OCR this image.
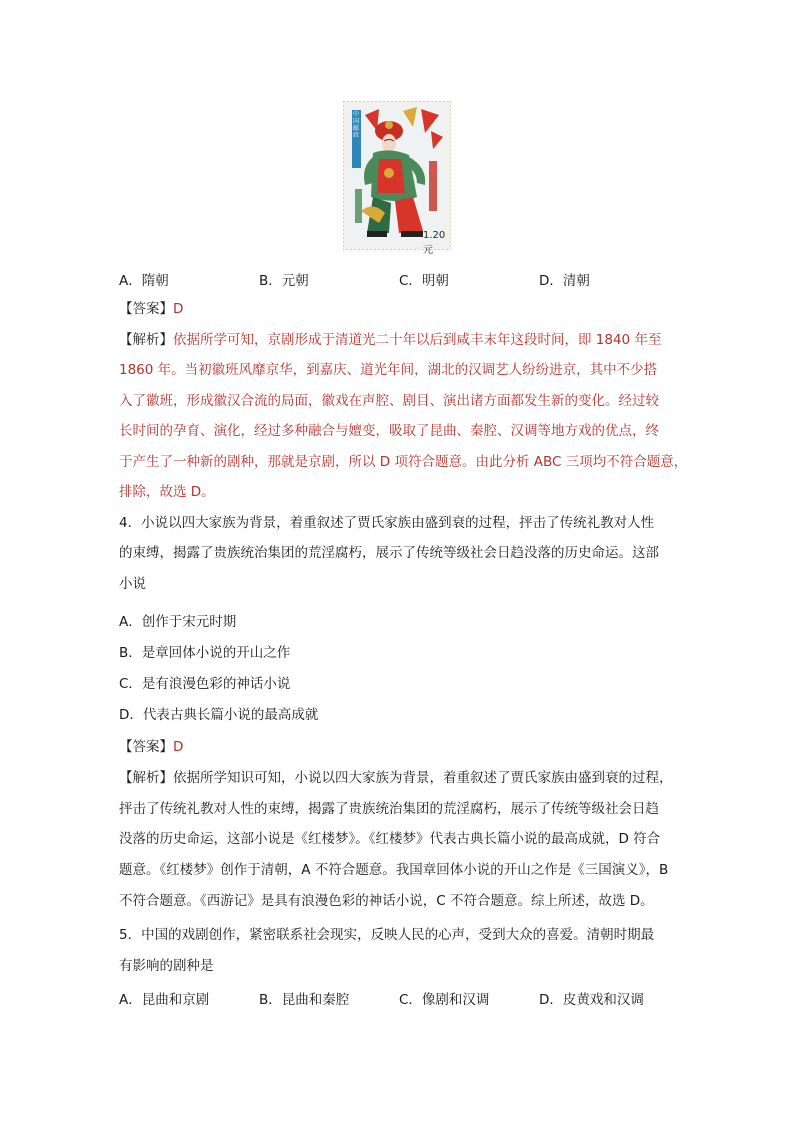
中国邮政
1.20元
A．隋朝	B．元朝	C．明朝	D．清朝
【答案】D
【解析】依据所学可知，京剧形成于清道光二十年以后到咸丰末年这段时间，即 1840 年至
1860 年。当初徽班风靡京华，到嘉庆、道光年间，湖北的汉调艺人纷纷进京，其中不少搭
入了徽班，形成徽汉合流的局面，徽戏在声腔、剧目、演出诸方面都发生新的变化。经过较
长时间的孕育、演化，经过多种融合与嬗变，吸取了昆曲、秦腔、汉调等地方戏的优点，终
于产生了一种新的剧种，那就是京剧，所以 D 项符合题意。由此分析 ABC 三项均不符合题意，
排除，故选 D。
4．小说以四大家族为背景，着重叙述了贾氏家族由盛到衰的过程，抨击了传统礼教对人性
的束缚，揭露了贵族统治集团的荒淫腐朽，展示了传统等级社会日趋没落的历史命运。这部
小说
A．创作于宋元时期
B．是章回体小说的开山之作
C．是有浪漫色彩的神话小说
D．代表古典长篇小说的最高成就
【答案】D
【解析】依据所学知识可知，小说以四大家族为背景，着重叙述了贾氏家族由盛到衰的过程，
抨击了传统礼教对人性的束缚，揭露了贵族统治集团的荒淫腐朽，展示了传统等级社会日趋
没落的历史命运，这部小说是《红楼梦》。《红楼梦》代表古典长篇小说的最高成就，D 符合
题意。《红楼梦》创作于清朝，A 不符合题意。我国章回体小说的开山之作是《三国演义》，B
不符合题意。《西游记》是具有浪漫色彩的神话小说，C 不符合题意。综上所述，故选 D。
5．中国的戏剧创作，紧密联系社会现实，反映人民的心声，受到大众的喜爱。清朝时期最
有影响的剧种是
A．昆曲和京剧	B．昆曲和秦腔	C．像剧和汉调	D．皮黄戏和汉调
